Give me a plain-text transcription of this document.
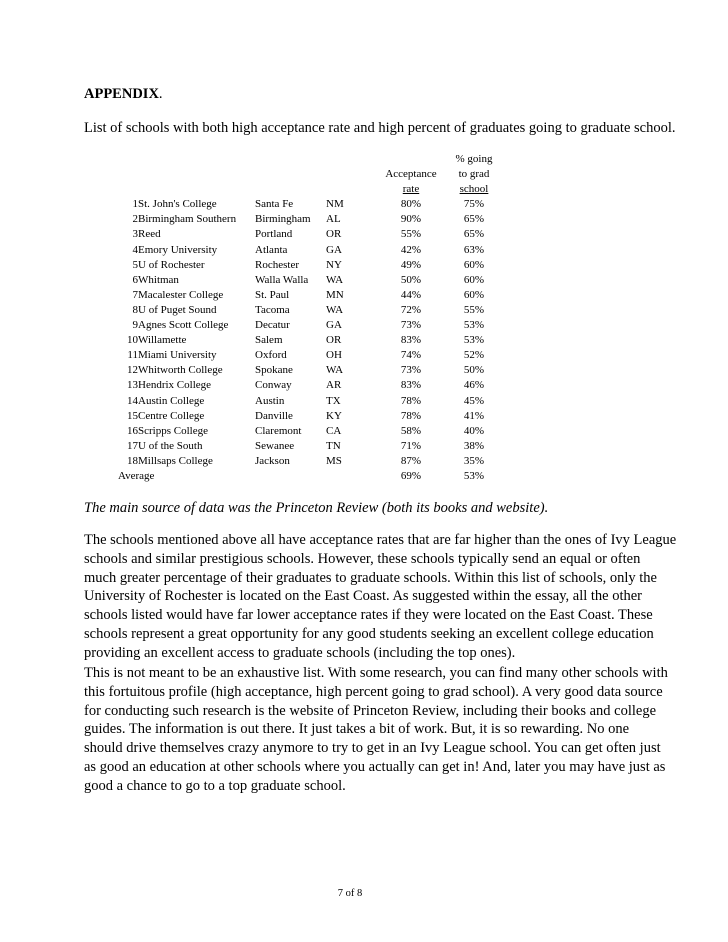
APPENDIX.
List of schools with both high acceptance rate and high percent of graduates going to graduate school.
					% going
				Acceptance	to grad
				rate	school
1	St. John's College	Santa Fe	NM	80%	75%
2	Birmingham Southern	Birmingham	AL	90%	65%
3	Reed	Portland	OR	55%	65%
4	Emory University	Atlanta	GA	42%	63%
5	U of Rochester	Rochester	NY	49%	60%
6	Whitman	Walla Walla	WA	50%	60%
7	Macalester College	St. Paul	MN	44%	60%
8	U of Puget Sound	Tacoma	WA	72%	55%
9	Agnes Scott College	Decatur	GA	73%	53%
10	Willamette	Salem	OR	83%	53%
11	Miami University	Oxford	OH	74%	52%
12	Whitworth College	Spokane	WA	73%	50%
13	Hendrix College	Conway	AR	83%	46%
14	Austin College	Austin	TX	78%	45%
15	Centre College	Danville	KY	78%	41%
16	Scripps College	Claremont	CA	58%	40%
17	U of the South	Sewanee	TN	71%	38%
18	Millsaps College	Jackson	MS	87%	35%
Average				69%	53%
The main source of data was the Princeton Review (both its books and website).
The schools mentioned above all have acceptance rates that are far higher than the ones of Ivy League
schools and similar prestigious schools. However, these schools typically send an equal or often
much greater percentage of their graduates to graduate schools. Within this list of schools, only the
University of Rochester is located on the East Coast. As suggested within the essay, all the other
schools listed would have far lower acceptance rates if they were located on the East Coast. These
schools represent a great opportunity for any good students seeking an excellent college education
providing an excellent access to graduate schools (including the top ones).
This is not meant to be an exhaustive list. With some research, you can find many other schools with
this fortuitous profile (high acceptance, high percent going to grad school). A very good data source
for conducting such research is the website of Princeton Review, including their books and college
guides. The information is out there. It just takes a bit of work. But, it is so rewarding. No one
should drive themselves crazy anymore to try to get in an Ivy League school. You can get often just
as good an education at other schools where you actually can get in! And, later you may have just as
good a chance to go to a top graduate school.
7 of 8
